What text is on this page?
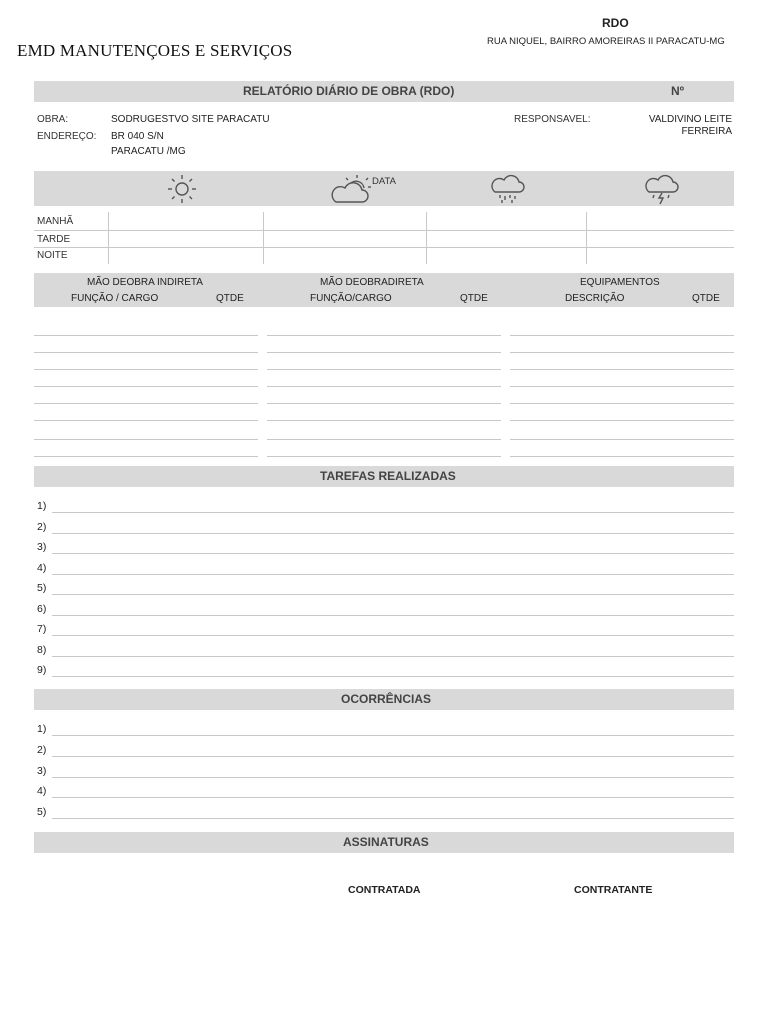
EMD MANUTENÇOES E SERVIÇOS
RDO
RUA NIQUEL, BAIRRO AMOREIRAS II PARACATU-MG
RELATÓRIO DIÁRIO DE OBRA (RDO)	Nº
OBRA:	SODRUGESTVO SITE PARACATU
ENDEREÇO: BR 040 S/N
PARACATU /MG
RESPONSAVEL:	VALDIVINO LEITE
FERREIRA
DATA
MANHÃ
TARDE
NOITE
MÃO DEOBRA INDIRETA
FUNÇÃO / CARGO	QTDE
MÃO DEOBRADIRETA
FUNÇÃO/CARGO	QTDE
EQUIPAMENTOS
DESCRIÇÃO	QTDE
TAREFAS REALIZADAS
1)
2)
3)
4)
5)
6)
7)
8)
9)
OCORRÊNCIAS
1)
2)
3)
4)
5)
ASSINATURAS
CONTRATADA	CONTRATANTE
